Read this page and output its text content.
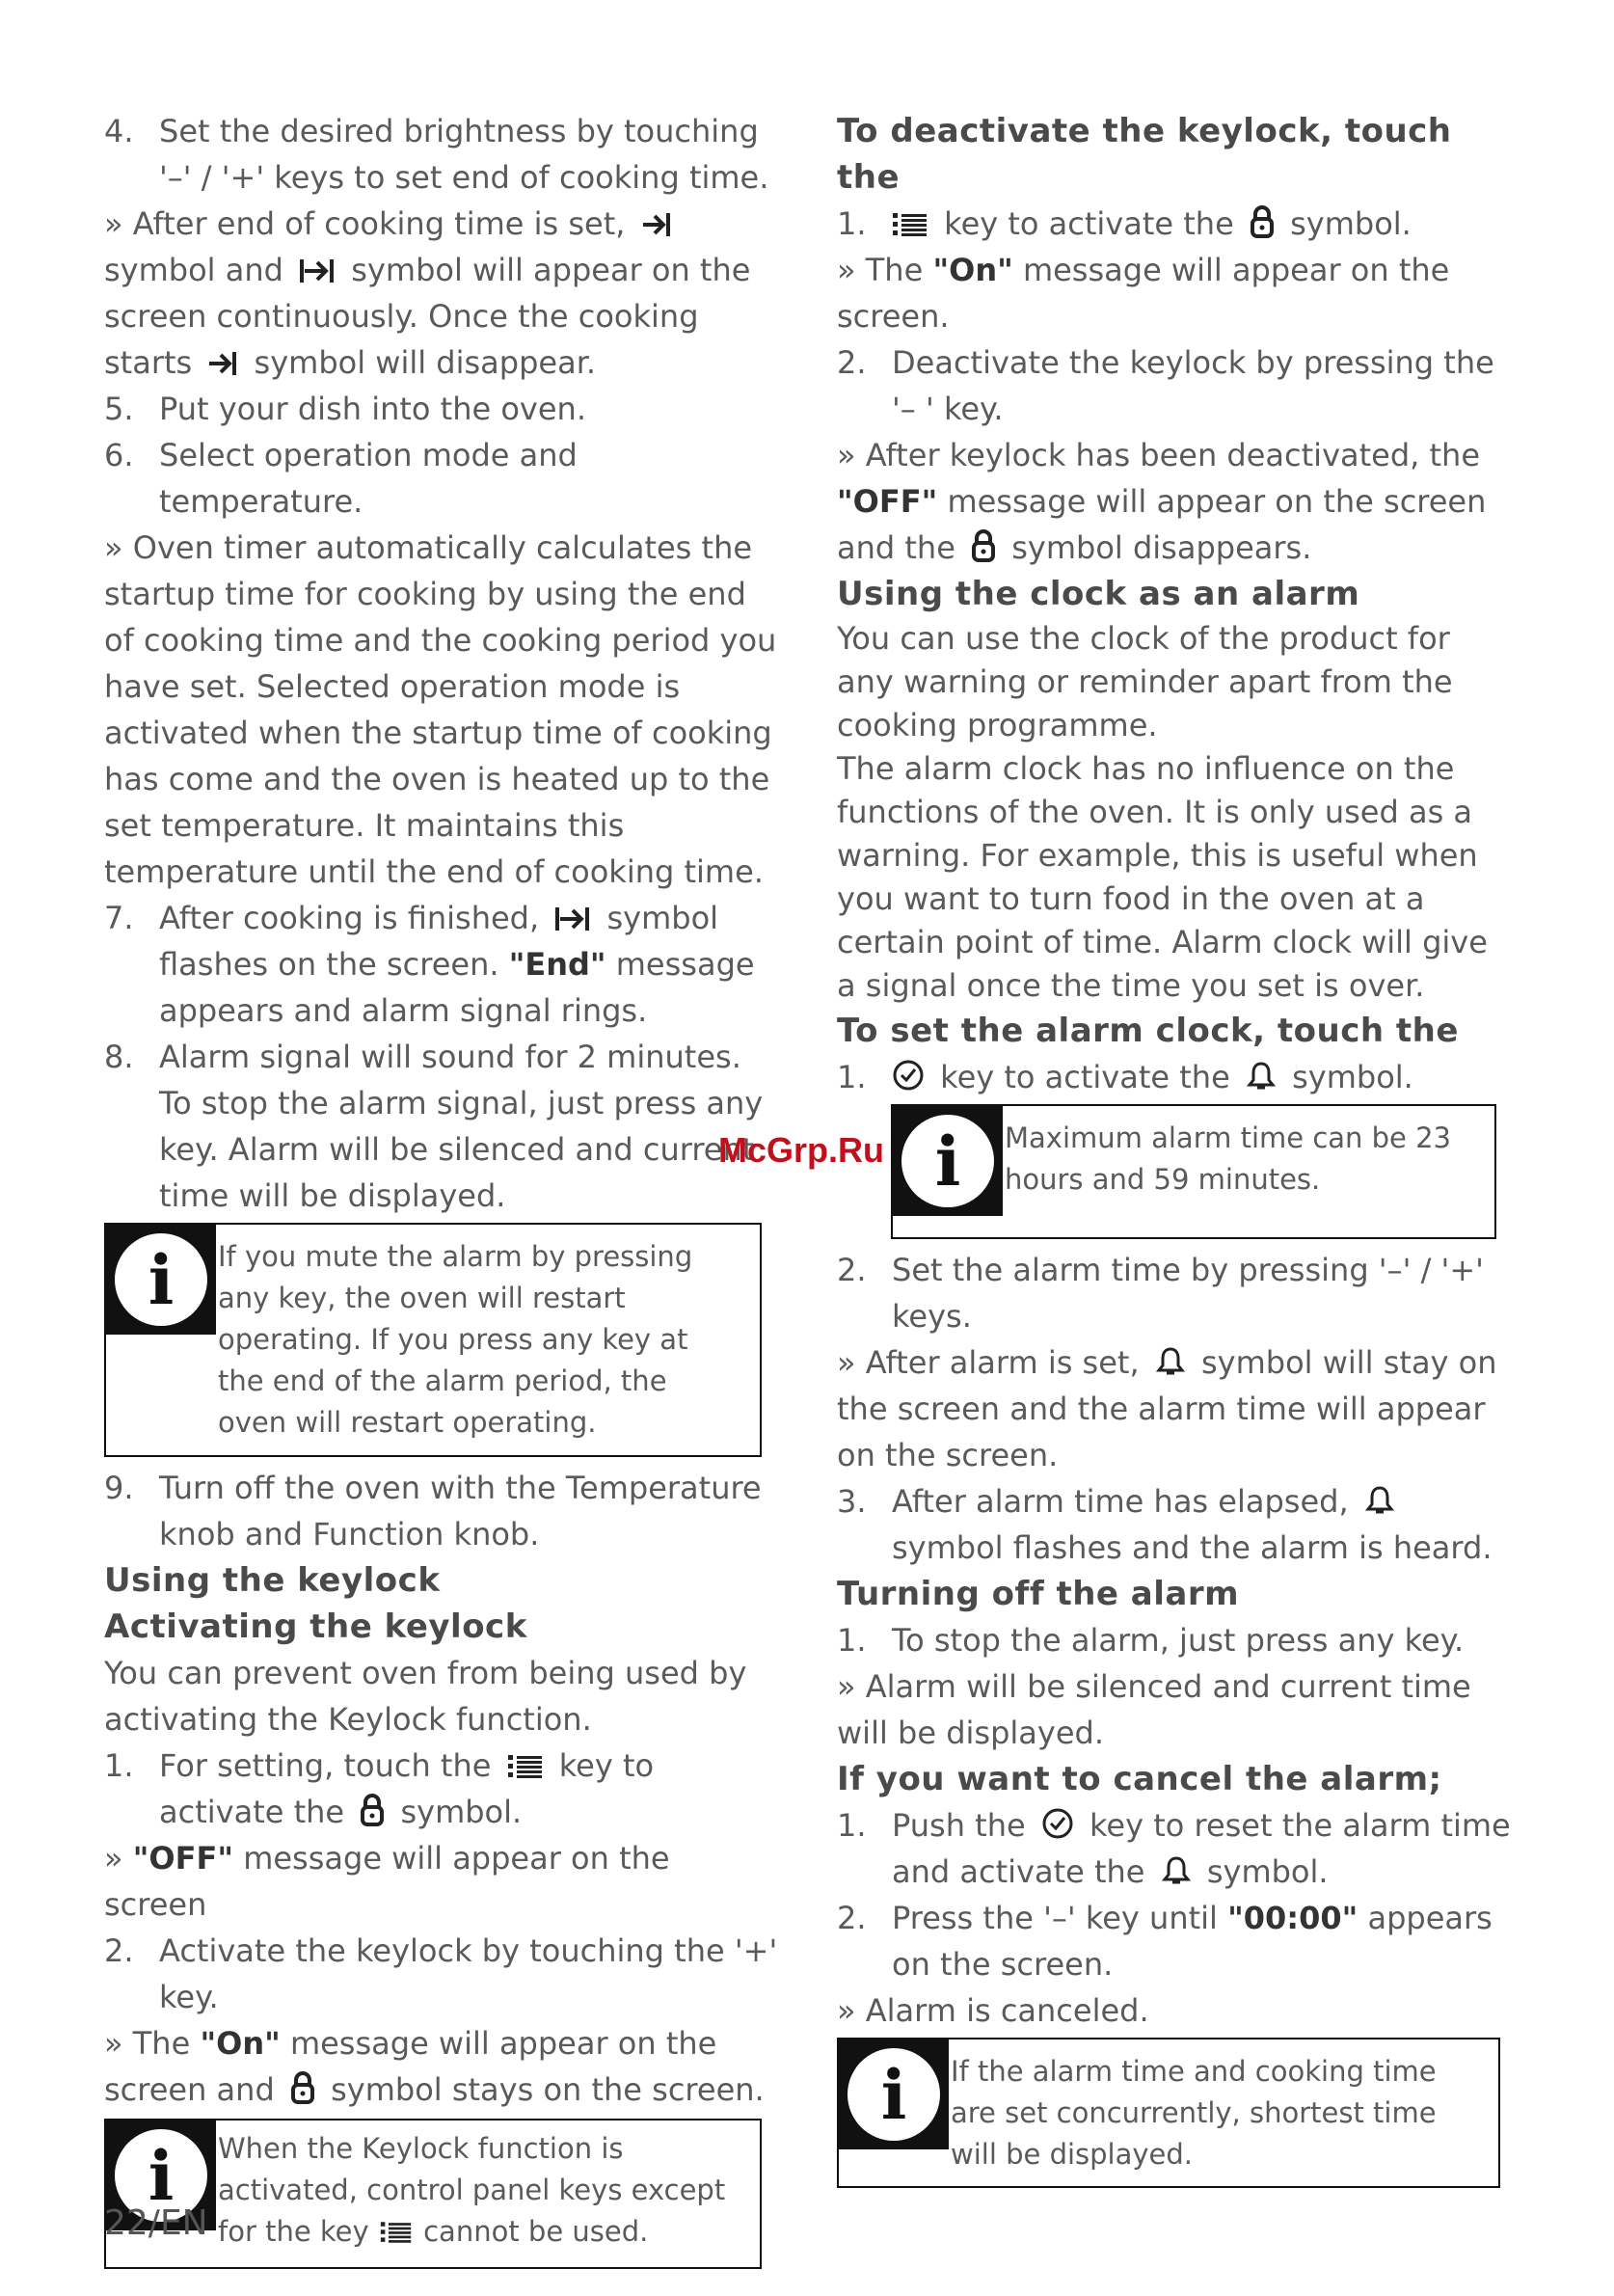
4. Set the desired brightness by touching '–' / '+' keys to set end of cooking time.

» After end of cooking time is set,
symbol and symbol will appear on the screen continuously. Once the cooking starts symbol will disappear.

5. Put your dish into the oven.
6. Select operation mode and temperature.

» Oven timer automatically calculates the startup time for cooking by using the end of cooking time and the cooking period you have set. Selected operation mode is activated when the startup time of cooking has come and the oven is heated up to the set temperature. It maintains this temperature until the end of cooking time.

7. After cooking is finished, symbol flashes on the screen. "End" message appears and alarm signal rings.
8. Alarm signal will sound for 2 minutes. To stop the alarm signal, just press any key. Alarm will be silenced and current time will be displayed.
i	If you mute the alarm by pressing any key, the oven will restart operating. If you press any key at the end of the alarm period, the oven will restart operating.
9. Turn off the oven with the Temperature knob and Function knob.

Using the keylock

Activating the keylock

You can prevent oven from being used by activating the Keylock function.

1. For setting, touch the key to activate the symbol.

» "OFF" message will appear on the screen

2. Activate the keylock by touching the '+' key.

» The "On" message will appear on the screen and symbol stays on the screen.

i	When the Keylock function is activated, control panel keys except for the key cannot be used.

To deactivate the keylock, touch the

1.	key to activate the symbol.

» The "On" message will appear on the screen.

2. Deactivate the keylock by pressing the '– ' key.

» After keylock has been deactivated, the "OFF" message will appear on the screen and the symbol disappears.

Using the clock as an alarm

You can use the clock of the product for any warning or reminder apart from the cooking programme.

The alarm clock has no influence on the functions of the oven. It is only used as a warning. For example, this is useful when you want to turn food in the oven at a certain point of time. Alarm clock will give a signal once the time you set is over.

To set the alarm clock, touch the

1. key to activate the symbol.
i	Maximum alarm time can be 23 hours and 59 minutes.
2. Set the alarm time by pressing '–' / '+' keys.

» After alarm is set, symbol will stay on the screen and the alarm time will appear on the screen.

3. After alarm time has elapsed,
symbol flashes and the alarm is heard.

Turning off the alarm

1. To stop the alarm, just press any key.

» Alarm will be silenced and current time will be displayed.

If you want to cancel the alarm;

1. Push the key to reset the alarm time and activate the symbol.
2. Press the '–' key until "00:00" appears on the screen.

» Alarm is canceled.

i	If the alarm time and cooking time are set concurrently, shortest time will be displayed.
McGrp.Ru
22/EN
